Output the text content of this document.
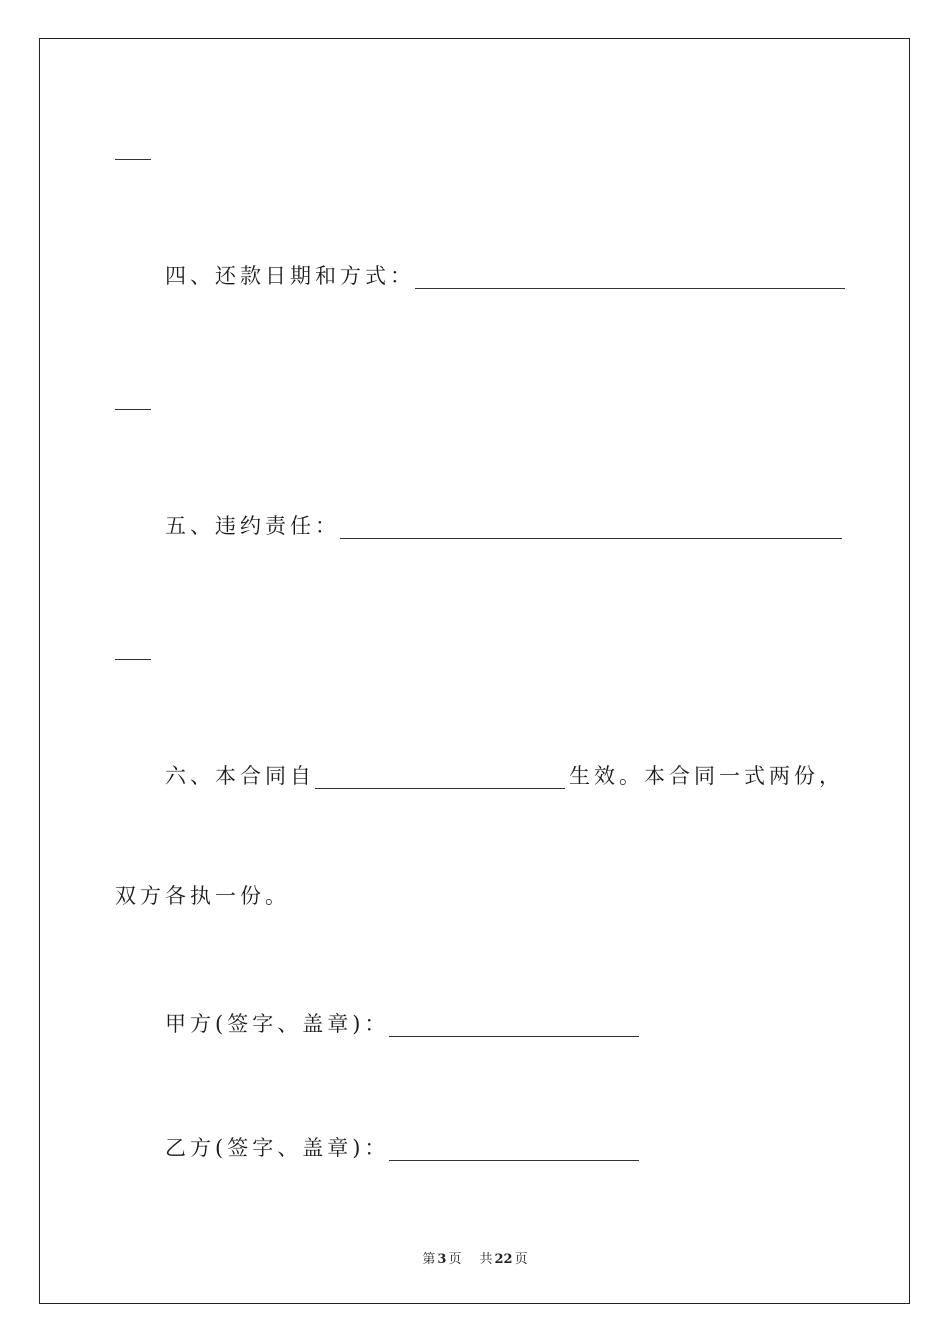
四、还款日期和方式：
五、违约责任：
六、本合同自	生效。本合同一式两份，
双方各执一份。
甲方(签字、盖章)：
乙方(签字、盖章)：
第 3 页 共 22 页
